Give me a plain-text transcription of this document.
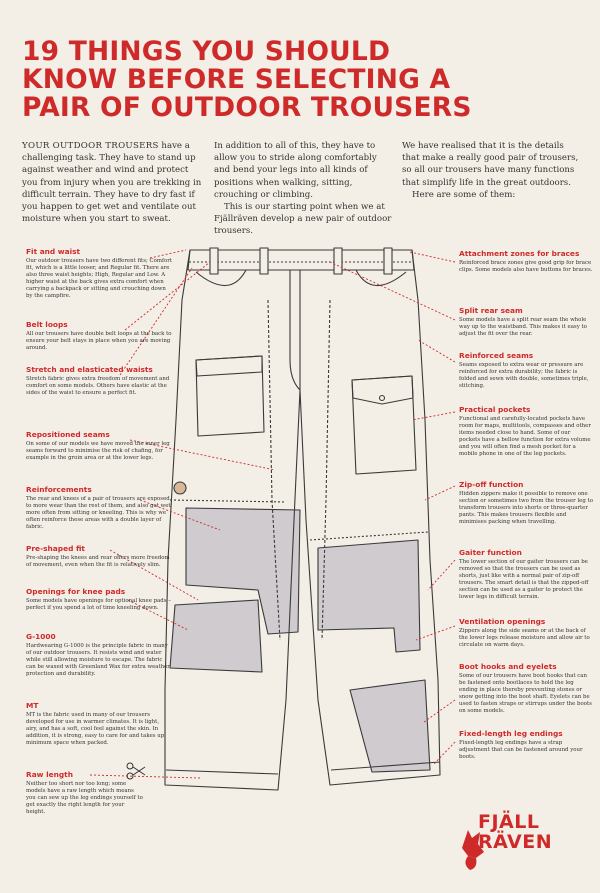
19 THINGS YOU SHOULD
KNOW BEFORE SELECTING A
PAIR OF OUTDOOR TROUSERS

YOUR OUTDOOR TROUSERS have a challenging task. They have to stand up against weather and wind and protect you from injury when you are trekking in difficult terrain. They have to dry fast if you happen to get wet and ventilate out moisture when you start to sweat.

In addition to all of this, they have to allow you to stride along comfortably and bend your legs into all kinds of positions when walking, sitting, crouching or climbing.

This is our starting point when we at Fjällräven develop a new pair of outdoor trousers.

We have realised that it is the details that make a really good pair of trousers, so all our trousers have many functions that simplify life in the great outdoors.

Here are some of them:

Fit and waist

Our outdoor trousers have two different fits; Comfort fit, which is a little looser, and Regular fit. There are also three waist heights; High, Regular and Low. A higher waist at the back gives extra comfort when carrying a backpack or sitting and crouching down by the campfire.

Belt loops

All our trousers have double belt loops at the back to ensure your belt stays in place when you are moving around.

Stretch and elasticated waists

Stretch fabric gives extra freedom of movement and comfort on some models. Others have elastic at the sides of the waist to ensure a perfect fit.

Repositioned seams

On some of our models we have moved the inner leg seams forward to minimise the risk of chafing, for example in the groin area or at the lower legs.

Reinforcements

The rear and knees of a pair of trousers are exposed to more wear than the rest of them, and also get wet more often from sitting or kneeling. This is why we often reinforce these areas with a double layer of fabric.

Pre-shaped fit

Pre-shaping the knees and rear offers more freedom of movement, even when the fit is relatively slim.

Openings for knee pads

Some models have openings for optional knee pads – perfect if you spend a lot of time kneeling down.

G-1000

Hardwearing G-1000 is the principle fabric in many of our outdoor trousers. It resists wind and water while still allowing moisture to escape. The fabric can be waxed with Greenland Wax for extra weather protection and durability.

MT

MT is the fabric used in many of our trousers developed for use in warmer climates. It is light, airy, and has a soft, cool feel against the skin. In addition, it is strong, easy to care for and takes up minimum space when packed.

Raw length

Neither too short nor too long; some models have a raw length which means you can sew up the leg endings yourself to get exactly the right length for your height.

Attachment zones for braces

Reinforced brace zones give good grip for brace clips. Some models also have buttons for braces.

Split rear seam

Some models have a split rear seam the whole way up to the waistband. This makes it easy to adjust the fit over the rear.

Reinforced seams

Seams exposed to extra wear or pressure are reinforced for extra durability; the fabric is folded and sewn with double, sometimes triple, stitching.

Practical pockets

Functional and carefully-located pockets have room for maps, multitools, compasses and other items needed close to hand. Some of our pockets have a bellow function for extra volume and you will often find a mesh pocket for a mobile phone in one of the leg pockets.

Zip-off function

Hidden zippers make it possible to remove one section or sometimes two from the trouser leg to transform trousers into shorts or three-quarter pants. This makes trousers flexible and minimises packing when travelling.

Gaiter function

The lower section of our gaiter trousers can be removed so that the trousers can be used as shorts, just like with a normal pair of zip-off trousers. The smart detail is that the zipped-off section can be used as a gaiter to protect the lower legs in difficult terrain.

Ventilation openings

Zippers along the side seams or at the back of the lower legs release moisture and allow air to circulate on warm days.

Boot hooks and eyelets

Some of our trousers have boot hooks that can be fastened onto bootlaces to hold the leg ending in place thereby preventing stones or snow getting into the boot shaft. Eyelets can be used to fasten straps or stirrups under the boots on some models.

Fixed-length leg endings

Fixed-length leg endings have a strap adjustment that can be fastened around your boots.

FJÄLL
RÄVEN
